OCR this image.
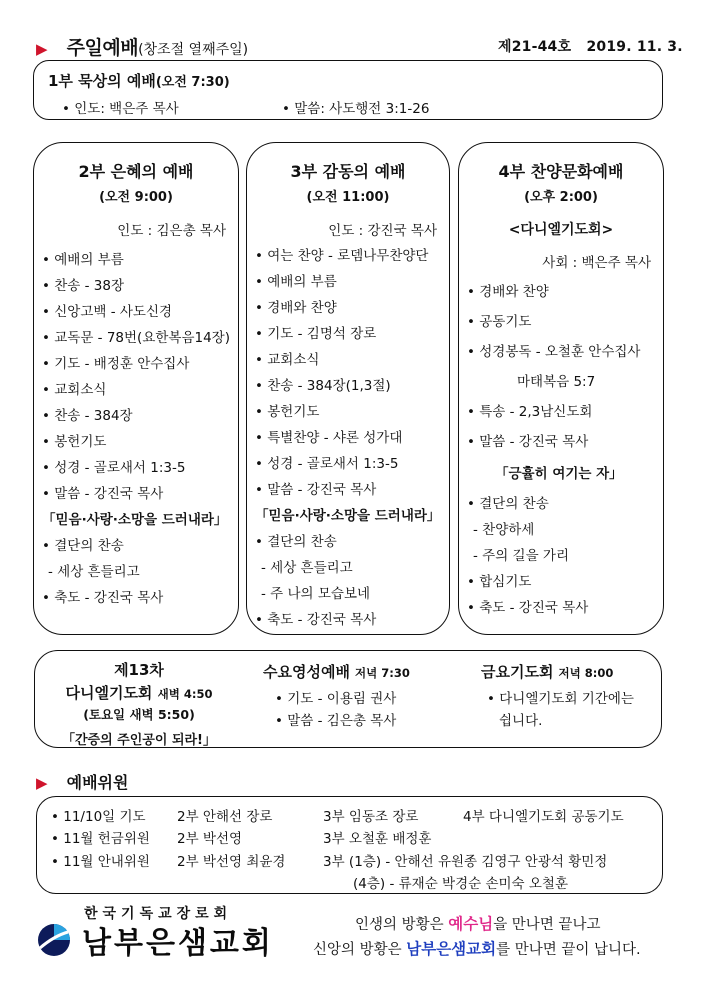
▶ 주일예배(창조절 열째주일)	제21-44호 2019. 11. 3.
1부 묵상의 예배(오전 7:30)
• 인도: 백은주 목사	• 말씀: 사도행전 3:1-26
2부 은혜의 예배
(오전 9:00)
인도 : 김은총 목사
• 예배의 부름
• 찬송 - 38장
• 신앙고백 - 사도신경
• 교독문 - 78번(요한복음14장)
• 기도 - 배정훈 안수집사
• 교회소식
• 찬송 - 384장
• 봉헌기도
• 성경 - 골로새서 1:3-5
• 말씀 - 강진국 목사
「믿음·사랑·소망을 드러내라」
• 결단의 찬송
- 세상 흔들리고
• 축도 - 강진국 목사
3부 감동의 예배
(오전 11:00)
인도 : 강진국 목사
• 여는 찬양 - 로뎀나무찬양단
• 예배의 부름
• 경배와 찬양
• 기도 - 김명석 장로
• 교회소식
• 찬송 - 384장(1,3절)
• 봉헌기도
• 특별찬양 - 샤론 성가대
• 성경 - 골로새서 1:3-5
• 말씀 - 강진국 목사
「믿음·사랑·소망을 드러내라」
• 결단의 찬송
- 세상 흔들리고
- 주 나의 모습보네
• 축도 - 강진국 목사
4부 찬양문화예배
(오후 2:00)
<다니엘기도회>
사회 : 백은주 목사
• 경배와 찬양
• 공동기도
• 성경봉독 - 오철훈 안수집사
마태복음 5:7
• 특송 - 2,3남신도회
• 말씀 - 강진국 목사
「긍휼히 여기는 자」
• 결단의 찬송
- 찬양하세
- 주의 길을 가리
• 합심기도
• 축도 - 강진국 목사
제13차
다니엘기도회 새벽 4:50
(토요일 새벽 5:50)
「간증의 주인공이 되라!」
수요영성예배 저녁 7:30
• 기도 - 이용림 권사
• 말씀 - 김은총 목사
금요기도회 저녁 8:00
• 다니엘기도회 기간에는
쉽니다.
▶ 예배위원
• 11/10일 기도 2부 안해선 장로	3부 임동조 장로	4부 다니엘기도회 공동기도
• 11월 헌금위원 2부 박선영	3부 오철훈 배정훈
• 11월 안내위원 2부 박선영 최윤경	3부 (1층) - 안해선 유원종 김영구 안광석 황민정
(4층) - 류재순 박경순 손미숙 오철훈
한국기독교장로회
남부은샘교회
인생의 방황은 예수님을 만나면 끝나고
신앙의 방황은 남부은샘교회를 만나면 끝이 납니다.
